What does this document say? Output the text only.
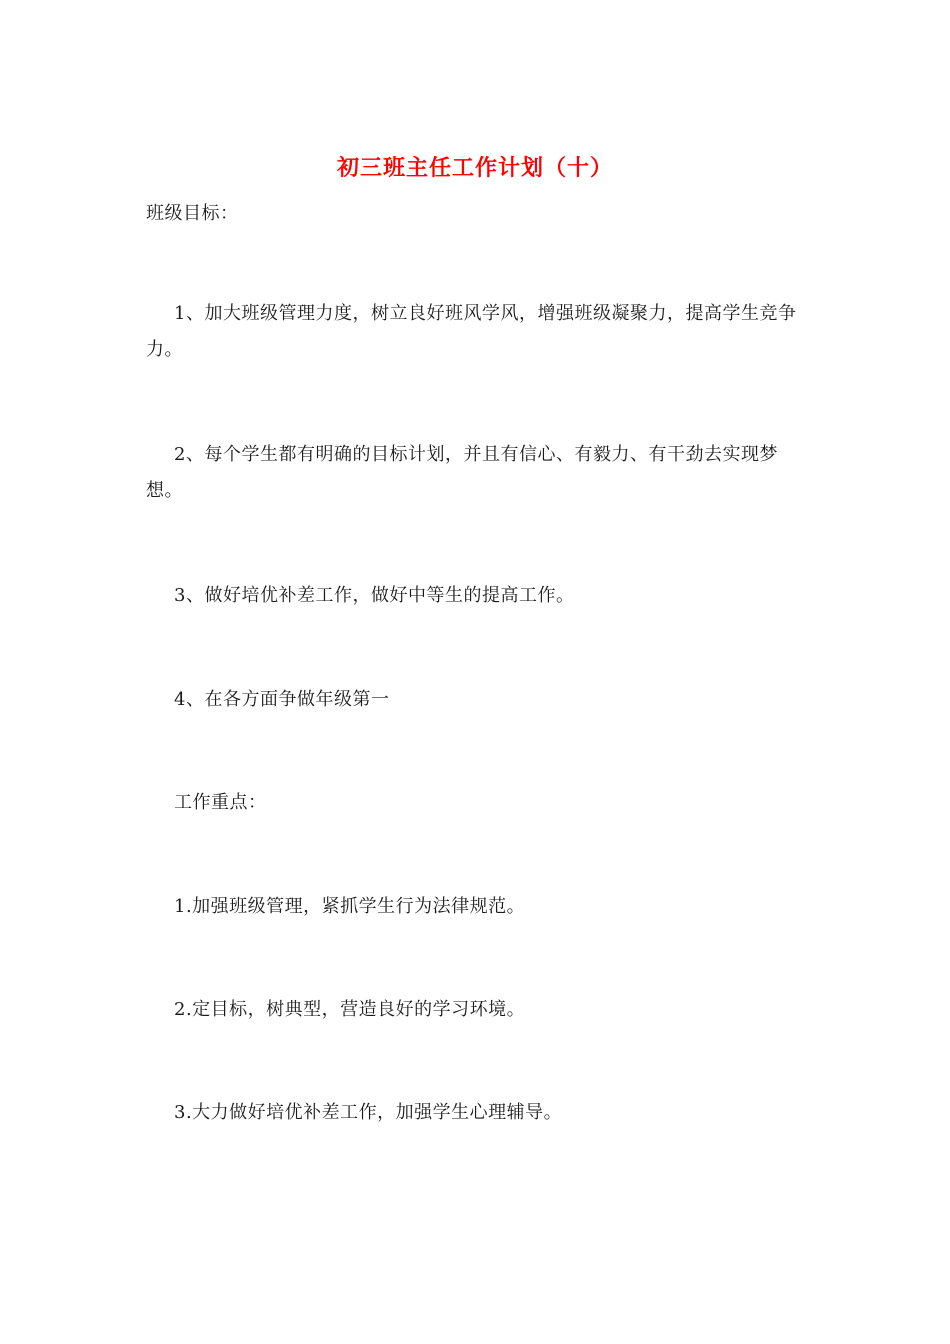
初三班主任工作计划（十）
班级目标：
1、加大班级管理力度，树立良好班风学风，增强班级凝聚力，提高学生竞争力。
2、每个学生都有明确的目标计划，并且有信心、有毅力、有干劲去实现梦想。
3、做好培优补差工作，做好中等生的提高工作。
4、在各方面争做年级第一
工作重点：
1.加强班级管理，紧抓学生行为法律规范。
2.定目标，树典型，营造良好的学习环境。
3.大力做好培优补差工作，加强学生心理辅导。
